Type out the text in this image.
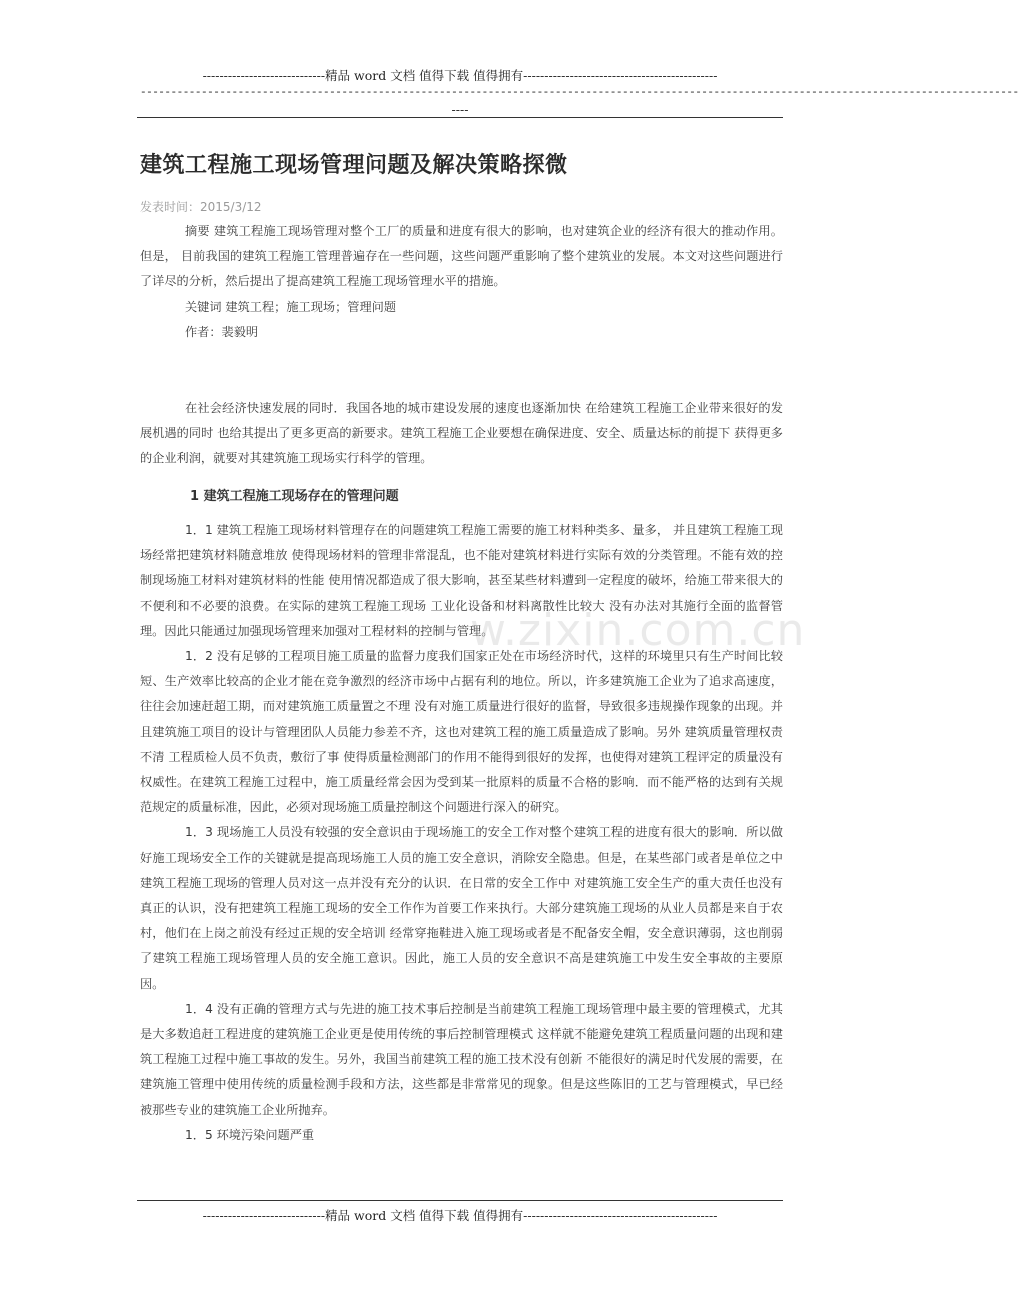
-----------------------------精品 word 文档 值得下载 值得拥有----------------------------------------------
------------------------------------------------------------------------------------------------------------------------------------------------
----
建筑工程施工现场管理问题及解决策略探微
发表时间：2015/3/12

摘要 建筑工程施工现场管理对整个工厂的质量和进度有很大的影响，也对建筑企业的经济有很大的推动作用。但是， 目前我国的建筑工程施工管理普遍存在一些问题，这些问题严重影响了整个建筑业的发展。本文对这些问题进行了详尽的分析，然后提出了提高建筑工程施工现场管理水平的措施。

关键词 建筑工程；施工现场；管理问题
作者：裴毅明

在社会经济快速发展的同时．我国各地的城市建设发展的速度也逐渐加快 在给建筑工程施工企业带来很好的发展机遇的同时 也给其提出了更多更高的新要求。建筑工程施工企业要想在确保进度、安全、质量达标的前提下 获得更多的企业利润，就要对其建筑施工现场实行科学的管理。

1 建筑工程施工现场存在的管理问题

1．1 建筑工程施工现场材料管理存在的问题建筑工程施工需要的施工材料种类多、量多， 并且建筑工程施工现场经常把建筑材料随意堆放 使得现场材料的管理非常混乱，也不能对建筑材料进行实际有效的分类管理。不能有效的控制现场施工材料对建筑材料的性能 使用情况都造成了很大影响，甚至某些材料遭到一定程度的破坏，给施工带来很大的不便利和不必要的浪费。在实际的建筑工程施工现场 工业化设备和材料离散性比较大 没有办法对其施行全面的监督管理。因此只能通过加强现场管理来加强对工程材料的控制与管理。

1．2 没有足够的工程项目施工质量的监督力度我们国家正处在市场经济时代，这样的环境里只有生产时间比较短、生产效率比较高的企业才能在竞争激烈的经济市场中占据有利的地位。所以，许多建筑施工企业为了追求高速度，往往会加速赶超工期，而对建筑施工质量置之不理 没有对施工质量进行很好的监督，导致很多违规操作现象的出现。并且建筑施工项目的设计与管理团队人员能力参差不齐，这也对建筑工程的施工质量造成了影响。另外 建筑质量管理权责不清 工程质检人员不负责，敷衍了事 使得质量检测部门的作用不能得到很好的发挥，也使得对建筑工程评定的质量没有权威性。在建筑工程施工过程中，施工质量经常会因为受到某一批原料的质量不合格的影响．而不能严格的达到有关规范规定的质量标准，因此，必须对现场施工质量控制这个问题进行深入的研究。

1．3 现场施工人员没有较强的安全意识由于现场施工的安全工作对整个建筑工程的进度有很大的影响．所以做好施工现场安全工作的关键就是提高现场施工人员的施工安全意识，消除安全隐患。但是，在某些部门或者是单位之中建筑工程施工现场的管理人员对这一点并没有充分的认识．在日常的安全工作中 对建筑施工安全生产的重大责任也没有真正的认识，没有把建筑工程施工现场的安全工作作为首要工作来执行。大部分建筑施工现场的从业人员都是来自于农村，他们在上岗之前没有经过正规的安全培训 经常穿拖鞋进入施工现场或者是不配备安全帽，安全意识薄弱，这也削弱了建筑工程施工现场管理人员的安全施工意识。因此，施工人员的安全意识不高是建筑施工中发生安全事故的主要原因。

1．4 没有正确的管理方式与先进的施工技术事后控制是当前建筑工程施工现场管理中最主要的管理模式，尤其是大多数追赶工程进度的建筑施工企业更是使用传统的事后控制管理模式 这样就不能避免建筑工程质量问题的出现和建筑工程施工过程中施工事故的发生。另外，我国当前建筑工程的施工技术没有创新 不能很好的满足时代发展的需要，在建筑施工管理中使用传统的质量检测手段和方法，这些都是非常常见的现象。但是这些陈旧的工艺与管理模式，早已经被那些专业的建筑施工企业所抛弃。

1．5 环境污染问题严重

w.zixin.com.cn
-----------------------------精品 word 文档 值得下载 值得拥有----------------------------------------------
